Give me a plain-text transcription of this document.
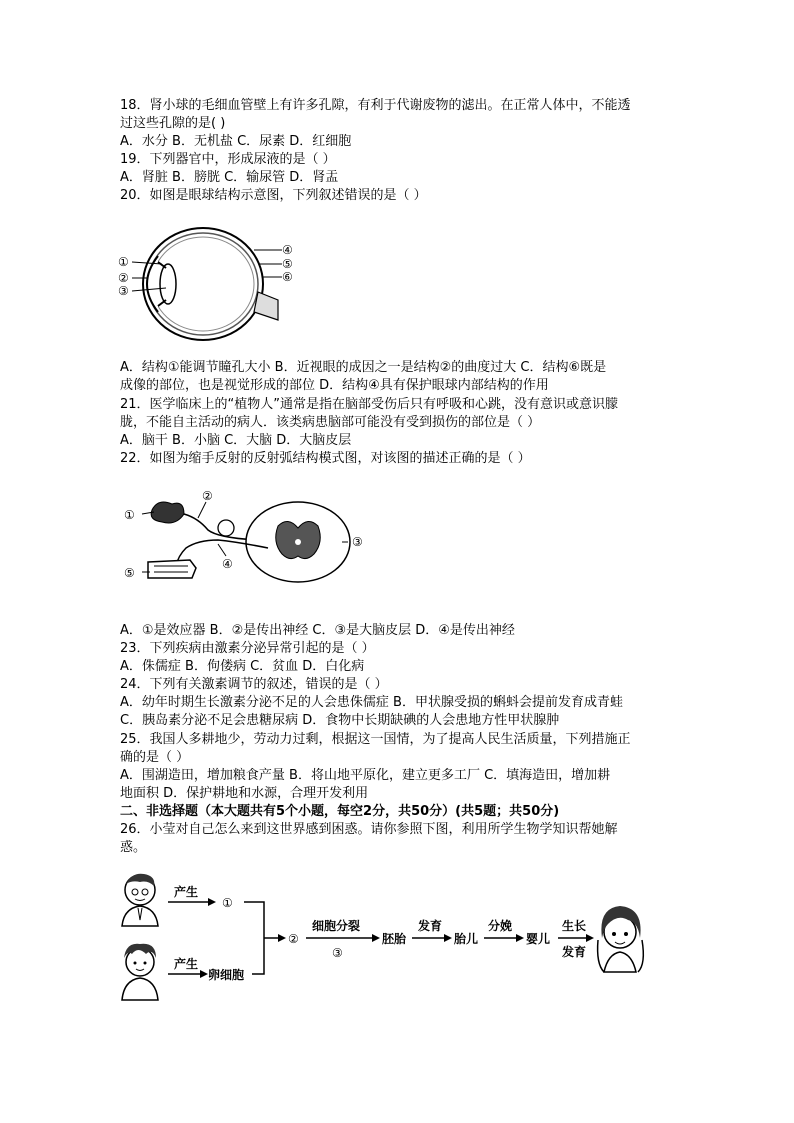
18．肾小球的毛细血管壁上有许多孔隙，有利于代谢废物的滤出。在正常人体中，不能透
过这些孔隙的是( )
A．水分 B．无机盐 C．尿素 D．红细胞
19．下列器官中，形成尿液的是（ ）
A．肾脏 B．膀胱 C．输尿管 D．肾盂
20．如图是眼球结构示意图，下列叙述错误的是（ ）
①
②
③
④
⑤
⑥
A．结构①能调节瞳孔大小 B．近视眼的成因之一是结构②的曲度过大 C．结构⑥既是
成像的部位，也是视觉形成的部位 D．结构④具有保护眼球内部结构的作用
21．医学临床上的“植物人”通常是指在脑部受伤后只有呼吸和心跳，没有意识或意识朦
胧，不能自主活动的病人．该类病患脑部可能没有受到损伤的部位是（ ）
A．脑干 B．小脑 C．大脑 D．大脑皮层
22．如图为缩手反射的反射弧结构模式图，对该图的描述正确的是（ ）
①
②
③
④
⑤
A．①是效应器 B．②是传出神经 C．③是大脑皮层 D．④是传出神经
23．下列疾病由激素分泌异常引起的是（ ）
A．侏儒症 B．佝偻病 C．贫血 D．白化病
24．下列有关激素调节的叙述，错误的是（ ）
A．幼年时期生长激素分泌不足的人会患侏儒症 B．甲状腺受损的蝌蚪会提前发育成青蛙
C．胰岛素分泌不足会患糖尿病 D．食物中长期缺碘的人会患地方性甲状腺肿
25．我国人多耕地少，劳动力过剩，根据这一国情，为了提高人民生活质量，下列措施正
确的是（ ）
A．围湖造田，增加粮食产量 B．将山地平原化，建立更多工厂 C．填海造田，增加耕
地面积 D．保护耕地和水源，合理开发利用
二、非选择题（本大题共有5个小题，每空2分，共50分）(共5题；共50分)
26．小莹对自己怎么来到这世界感到困惑。请你参照下图，利用所学生物学知识帮她解
惑。
产生
①
产生
卵细胞
②
细胞分裂
③
胚胎
发育
胎儿
分娩
婴儿
生长
发育
